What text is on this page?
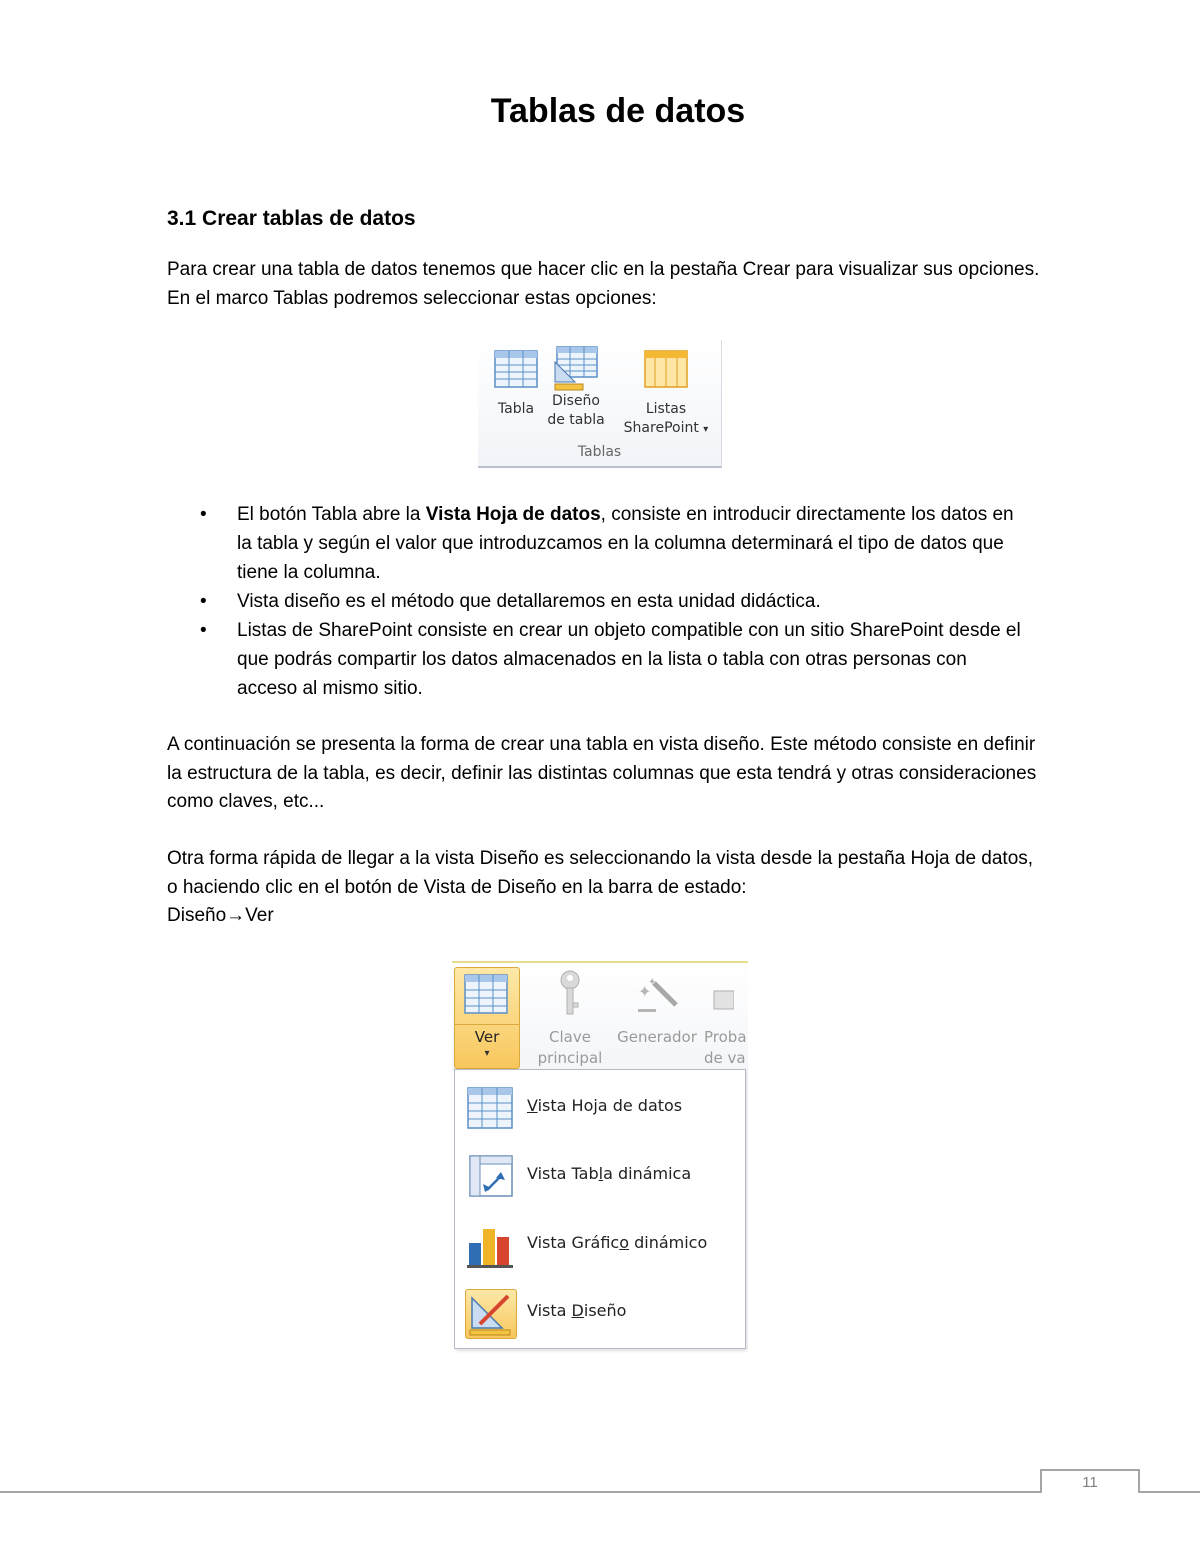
Tablas de datos
3.1 Crear tablas de datos

Para crear una tabla de datos tenemos que hacer clic en la pestaña Crear para visualizar sus opciones. En el marco Tablas podremos seleccionar estas opciones:

Tabla	Diseño
de tabla
Listas
SharePoint ▾
Tablas
• El botón Tabla abre la Vista Hoja de datos, consiste en introducir directamente los datos en la tabla y según el valor que introduzcamos en la columna determinará el tipo de datos que tiene la columna.
• Vista diseño es el método que detallaremos en esta unidad didáctica.
• Listas de SharePoint consiste en crear un objeto compatible con un sitio SharePoint desde el que podrás compartir los datos almacenados en la lista o tabla con otras personas con acceso al mismo sitio.

A continuación se presenta la forma de crear una tabla en vista diseño. Este método consiste en definir la estructura de la tabla, es decir, definir las distintas columnas que esta tendrá y otras consideraciones como claves, etc...

Otra forma rápida de llegar a la vista Diseño es seleccionando la vista desde la pestaña Hoja de datos, o haciendo clic en el botón de Vista de Diseño en la barra de estado:
Diseño→Ver

Ver
▾
Clave
principal
✦
✦
Generador Proba
de va
Vista Hoja de datos
Vista Tabla dinámica
Vista Gráfico dinámico
Vista Diseño
11
